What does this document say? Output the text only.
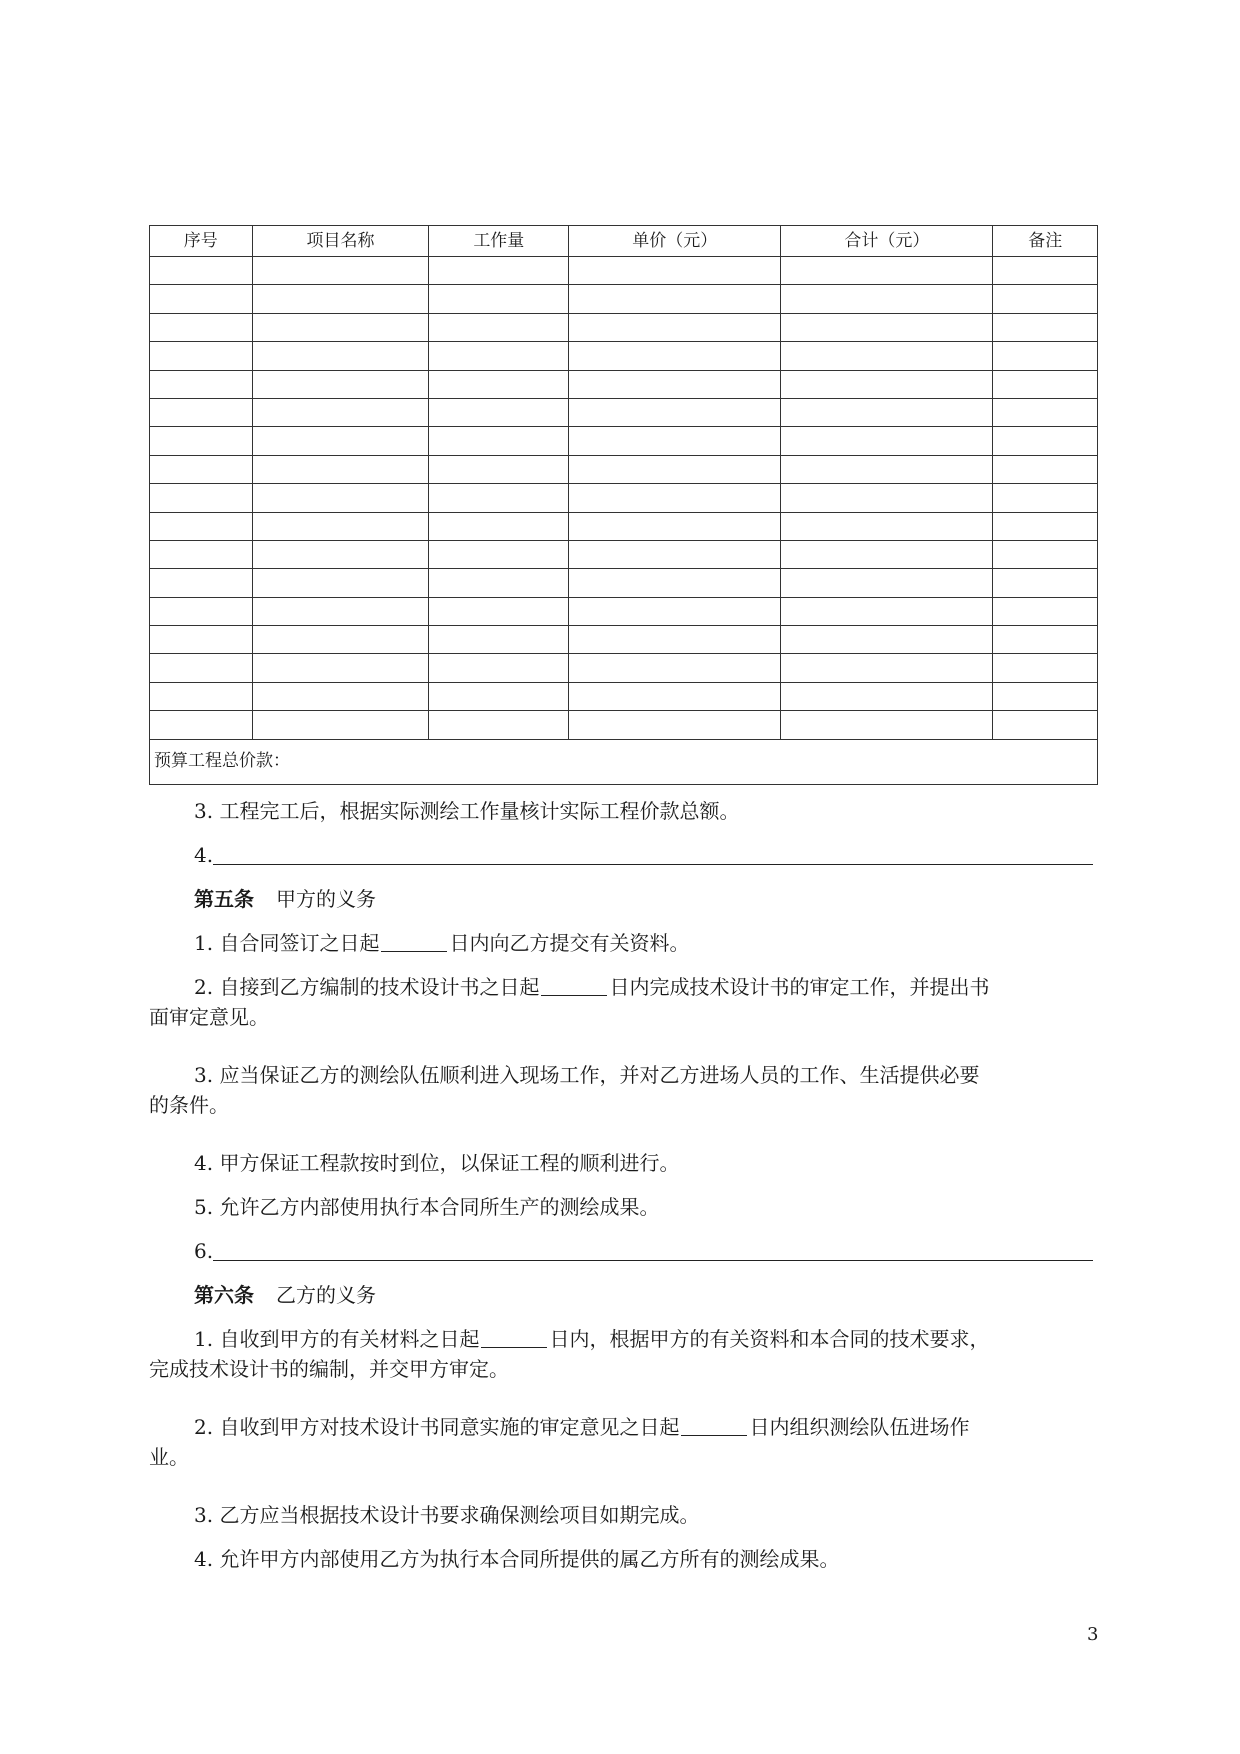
序号	项目名称	工作量	单价（元）	合计（元）	备注

预算工程总价款：					

3. 工程完工后，根据实际测绘工作量核计实际工程价款总额。

4.

第五条 甲方的义务

1. 自合同签订之日起	日内向乙方提交有关资料。

2. 自接到乙方编制的技术设计书之日起	日内完成技术设计书的审定工作，并提出书

面审定意见。

3. 应当保证乙方的测绘队伍顺利进入现场工作，并对乙方进场人员的工作、生活提供必要

的条件。

4. 甲方保证工程款按时到位，以保证工程的顺利进行。

5. 允许乙方内部使用执行本合同所生产的测绘成果。

6.

第六条 乙方的义务

1. 自收到甲方的有关材料之日起	日内，根据甲方的有关资料和本合同的技术要求，

完成技术设计书的编制，并交甲方审定。

2. 自收到甲方对技术设计书同意实施的审定意见之日起	日内组织测绘队伍进场作

业。

3. 乙方应当根据技术设计书要求确保测绘项目如期完成。

4. 允许甲方内部使用乙方为执行本合同所提供的属乙方所有的测绘成果。

3
